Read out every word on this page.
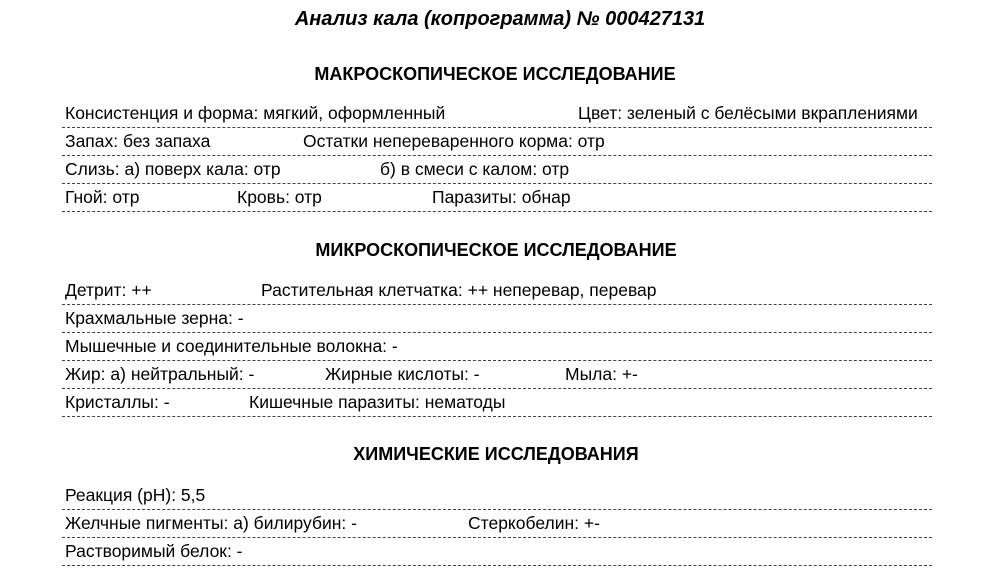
Анализ кала (копрограмма) № 000427131
МАКРОСКОПИЧЕСКОЕ ИССЛЕДОВАНИЕ
Консистенция и форма: мягкий, оформленный	Цвет: зеленый с белёсыми вкраплениями
Запах: без запаха	Остатки непереваренного корма: отр
Слизь: а) поверх кала: отр	б) в смеси с калом: отр
Гной: отр	Кровь: отр	Паразиты: обнар
МИКРОСКОПИЧЕСКОЕ ИССЛЕДОВАНИЕ
Детрит: ++	Растительная клетчатка: ++ неперевар, перевар
Крахмальные зерна: -
Мышечные и соединительные волокна: -
Жир: а) нейтральный: -	Жирные кислоты: -	Мыла: +-
Кристаллы: -	Кишечные паразиты: нематоды
ХИМИЧЕСКИЕ ИССЛЕДОВАНИЯ
Реакция (рН): 5,5
Желчные пигменты: а) билирубин: -	Стеркобелин: +-
Растворимый белок: -
